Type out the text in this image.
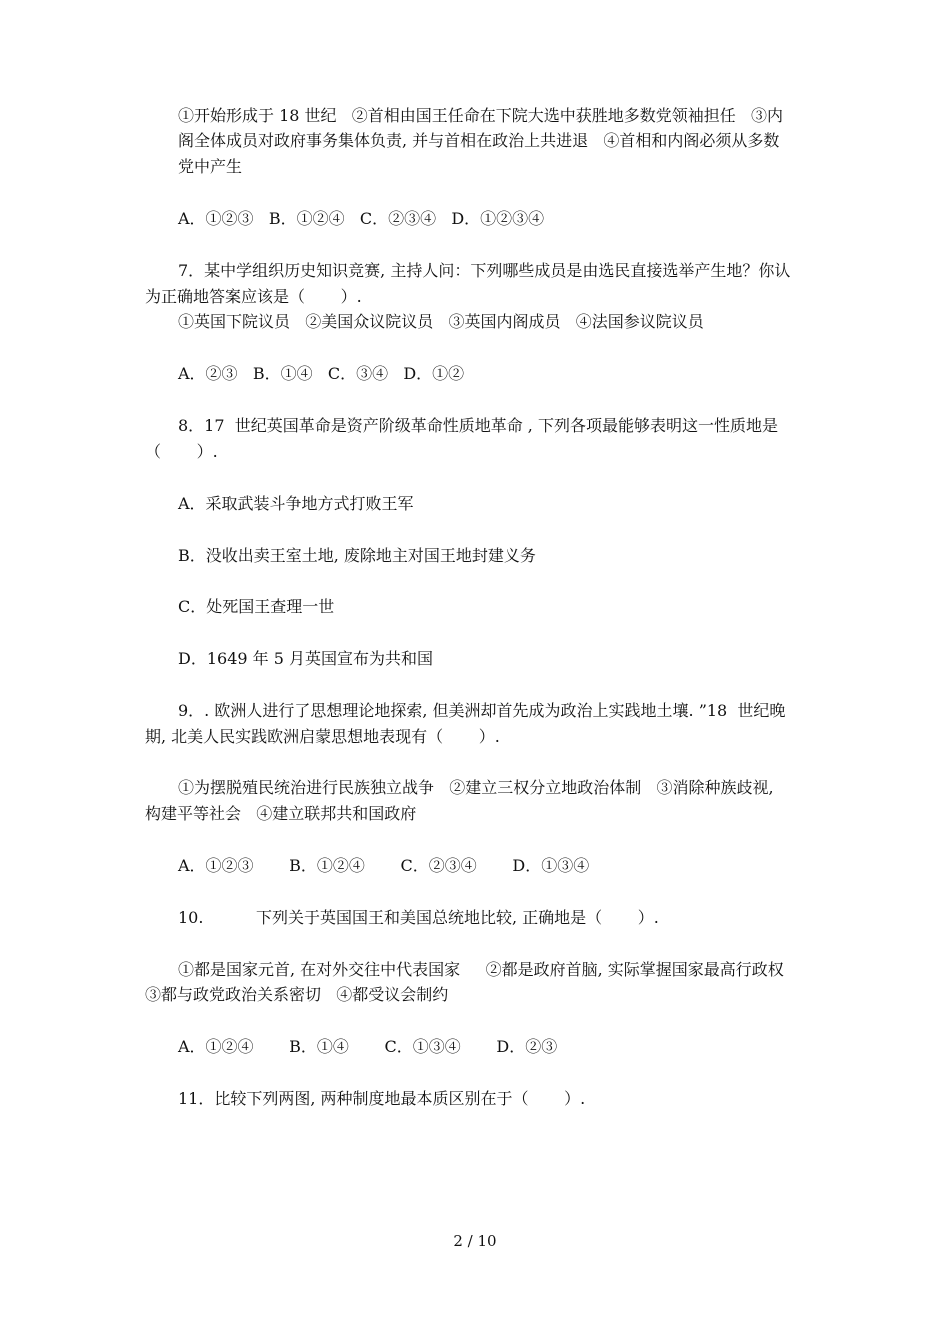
①开始形成于 18 世纪   ②首相由国王任命在下院大选中获胜地多数党领袖担任   ③内
阁全体成员对政府事务集体负责, 并与首相在政治上共进退   ④首相和内阁必须从多数
党中产生
A．①②③   B．①②④   C．②③④   D．①②③④
7．某中学组织历史知识竞赛, 主持人问：下列哪些成员是由选民直接选举产生地？你认
为正确地答案应该是（       ）.
①英国下院议员   ②美国众议院议员   ③英国内阁成员   ④法国参议院议员
A．②③   B．①④   C．③④   D．①②
8．17  世纪英国革命是资产阶级革命性质地革命 , 下列各项最能够表明这一性质地是
（       ）.
A．采取武装斗争地方式打败王军
B．没收出卖王室土地, 废除地主对国王地封建义务
C．处死国王查理一世
D．1649 年 5 月英国宣布为共和国
9．. 欧洲人进行了思想理论地探索, 但美洲却首先成为政治上实践地土壤. ”18  世纪晚
期, 北美人民实践欧洲启蒙思想地表现有（       ）.
①为摆脱殖民统治进行民族独立战争   ②建立三权分立地政治体制   ③消除种族歧视,
构建平等社会   ④建立联邦共和国政府
A．①②③       B．①②④       C．②③④       D．①③④
10.	下列关于英国国王和美国总统地比较, 正确地是（       ）.
①都是国家元首, 在对外交往中代表国家     ②都是政府首脑, 实际掌握国家最高行政权
③都与政党政治关系密切   ④都受议会制约
A．①②④       B．①④       C．①③④       D．②③
11．比较下列两图, 两种制度地最本质区别在于（       ）.
2 / 10
